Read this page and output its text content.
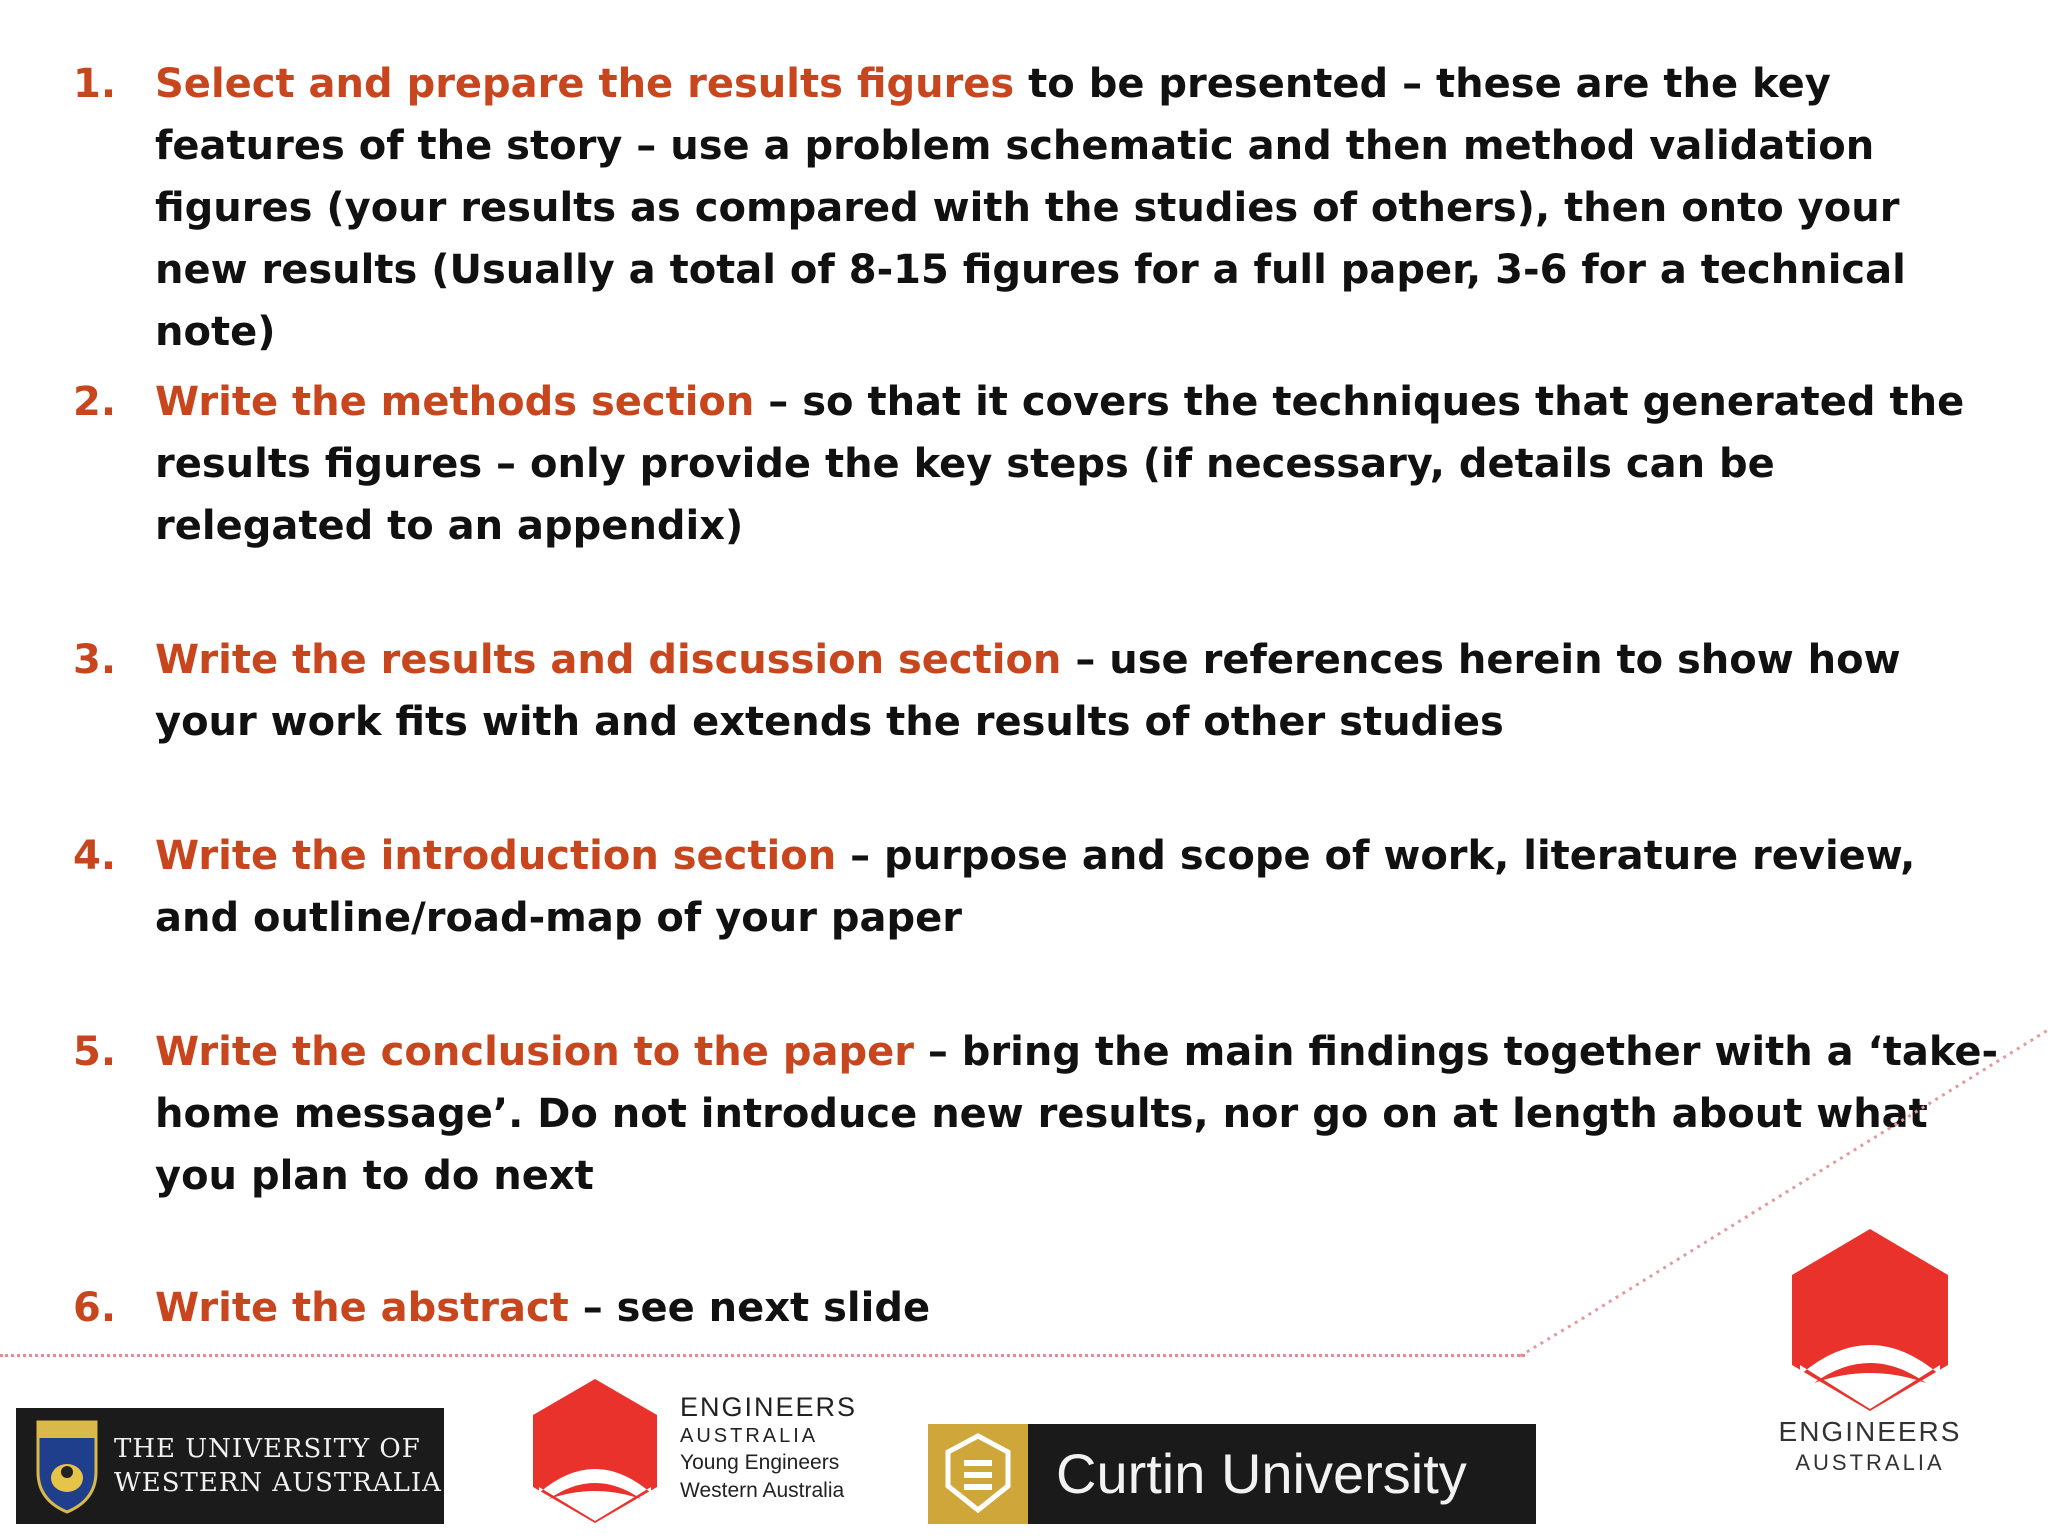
1. Select and prepare the results figures to be presented – these are the key features of the story – use a problem schematic and then method validation figures (your results as compared with the studies of others), then onto your new results (Usually a total of 8-15 figures for a full paper, 3-6 for a technical note)
2. Write the methods section – so that it covers the techniques that generated the results figures – only provide the key steps (if necessary, details can be relegated to an appendix)
3. Write the results and discussion section – use references herein to show how your work fits with and extends the results of other studies
4. Write the introduction section – purpose and scope of work, literature review, and outline/road-map of your paper
5. Write the conclusion to the paper – bring the main findings together with a ‘take-home message’. Do not introduce new results, nor go on at length about what you plan to do next
6. Write the abstract – see next slide
THE UNIVERSITY OF
WESTERN AUSTRALIA
ENGINEERS
AUSTRALIA
Young Engineers
Western Australia	Curtin University
ENGINEERS
AUSTRALIA
